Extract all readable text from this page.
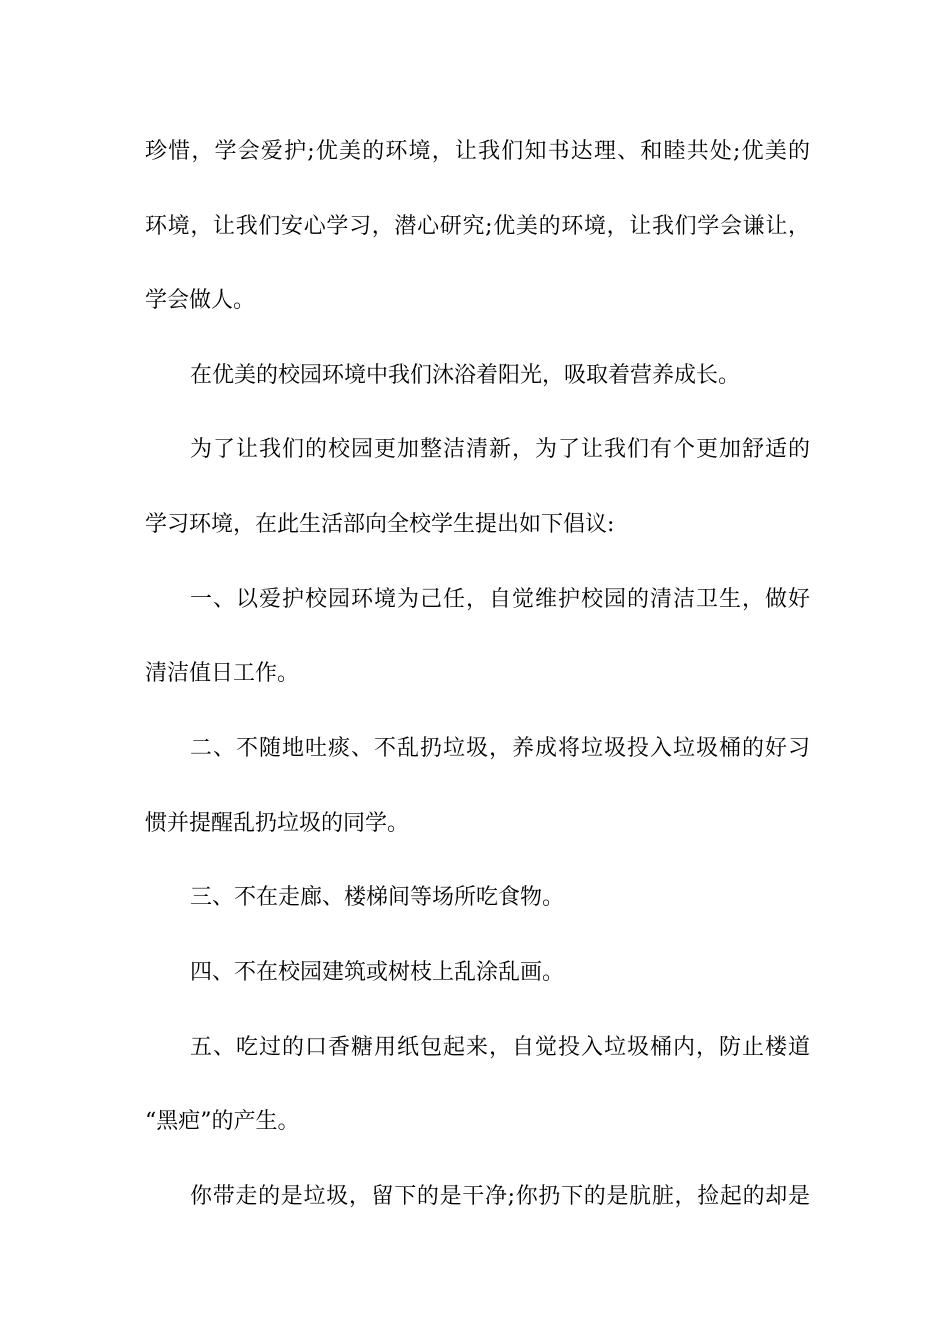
珍惜，学会爱护;优美的环境，让我们知书达理、和睦共处;优美的
环境，让我们安心学习，潜心研究;优美的环境，让我们学会谦让，
学会做人。
在优美的校园环境中我们沐浴着阳光，吸取着营养成长。
为了让我们的校园更加整洁清新，为了让我们有个更加舒适的
学习环境，在此生活部向全校学生提出如下倡议:
一、以爱护校园环境为己任，自觉维护校园的清洁卫生，做好
清洁值日工作。
二、不随地吐痰、不乱扔垃圾，养成将垃圾投入垃圾桶的好习
惯并提醒乱扔垃圾的同学。
三、不在走廊、楼梯间等场所吃食物。
四、不在校园建筑或树枝上乱涂乱画。
五、吃过的口香糖用纸包起来，自觉投入垃圾桶内，防止楼道
“黑疤”的产生。
你带走的是垃圾，留下的是干净;你扔下的是肮脏，捡起的却是
